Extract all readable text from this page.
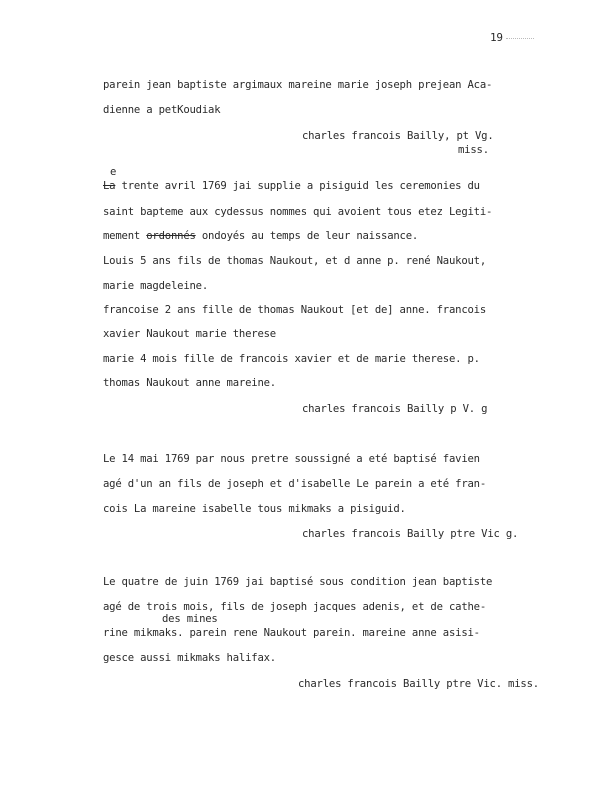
19
parein jean baptiste argimaux mareine marie joseph prejean Aca-
dienne a petKoudiak
charles francois Bailly, pt Vg.
miss.
e
La trente avril 1769 jai supplie a pisiguid les ceremonies du
saint bapteme aux cydessus nommes qui avoient tous etez Legiti-
mement ordonnés ondoyés au temps de leur naissance.
Louis 5 ans fils de thomas Naukout, et d anne p. rené Naukout,
marie magdeleine.
francoise 2 ans fille de thomas Naukout [et de] anne. francois
xavier Naukout marie therese
marie 4 mois fille de francois xavier et de marie therese. p.
thomas Naukout anne mareine.
charles francois Bailly p V. g
Le 14 mai 1769 par nous pretre soussigné a eté baptisé favien
agé d'un an fils de joseph et d'isabelle Le parein a eté fran-
cois La mareine isabelle tous mikmaks a pisiguid.
charles francois Bailly ptre Vic g.
Le quatre de juin 1769 jai baptisé sous condition jean baptiste
agé de trois mois, fils de joseph jacques adenis, et de cathe-
des mines
rine mikmaks. parein rene Naukout parein. mareine anne asisi-
gesce aussi mikmaks halifax.
charles francois Bailly ptre Vic. miss.
